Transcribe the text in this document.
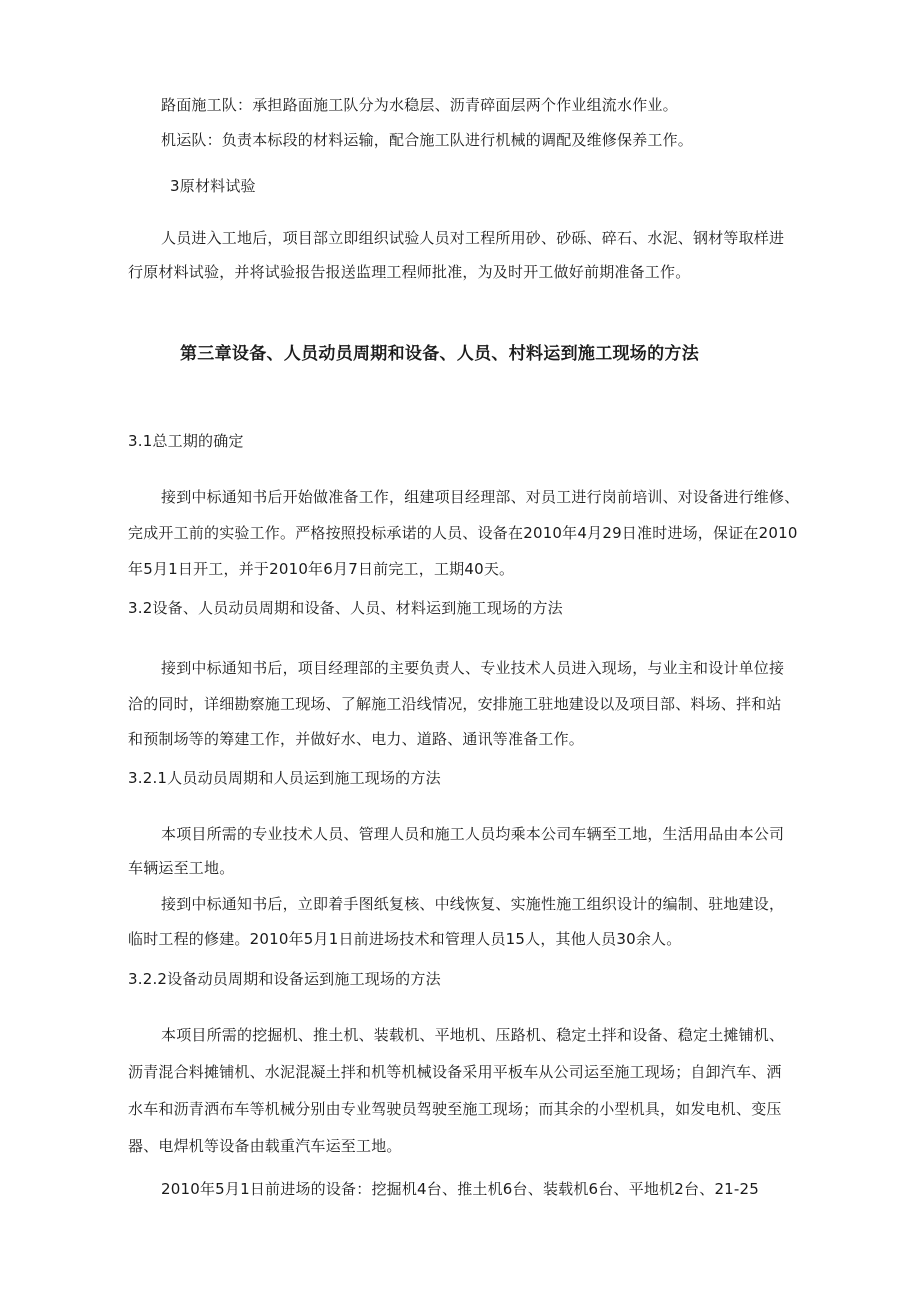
路面施工队：承担路面施工队分为水稳层、沥青碎面层两个作业组流水作业。
机运队：负责本标段的材料运输，配合施工队进行机械的调配及维修保养工作。
3原材料试验
人员进入工地后，项目部立即组织试验人员对工程所用砂、砂砾、碎石、水泥、钢材等取样进
行原材料试验，并将试验报告报送监理工程师批准，为及时开工做好前期准备工作。
第三章设备、人员动员周期和设备、人员、村料运到施工现场的方法
3.1总工期的确定
接到中标通知书后开始做准备工作，组建项目经理部、对员工进行岗前培训、对设备进行维修、
完成开工前的实验工作。严格按照投标承诺的人员、设备在2010年4月29日准时进场，保证在2010
年5月1日开工，并于2010年6月7日前完工，工期40天。
3.2设备、人员动员周期和设备、人员、材料运到施工现场的方法
接到中标通知书后，项目经理部的主要负责人、专业技术人员进入现场，与业主和设计单位接
洽的同时，详细勘察施工现场、了解施工沿线情况，安排施工驻地建设以及项目部、料场、拌和站
和预制场等的筹建工作，并做好水、电力、道路、通讯等准备工作。
3.2.1人员动员周期和人员运到施工现场的方法
本项目所需的专业技术人员、管理人员和施工人员均乘本公司车辆至工地，生活用品由本公司
车辆运至工地。
接到中标通知书后，立即着手图纸复核、中线恢复、实施性施工组织设计的编制、驻地建设，
临时工程的修建。2010年5月1日前进场技术和管理人员15人，其他人员30余人。
3.2.2设备动员周期和设备运到施工现场的方法
本项目所需的挖掘机、推土机、装载机、平地机、压路机、稳定土拌和设备、稳定土摊铺机、
沥青混合料摊铺机、水泥混凝土拌和机等机械设备采用平板车从公司运至施工现场；自卸汽车、洒
水车和沥青洒布车等机械分别由专业驾驶员驾驶至施工现场；而其余的小型机具，如发电机、变压
器、电焊机等设备由载重汽车运至工地。
2010年5月1日前进场的设备：挖掘机4台、推土机6台、装载机6台、平地机2台、21-25
